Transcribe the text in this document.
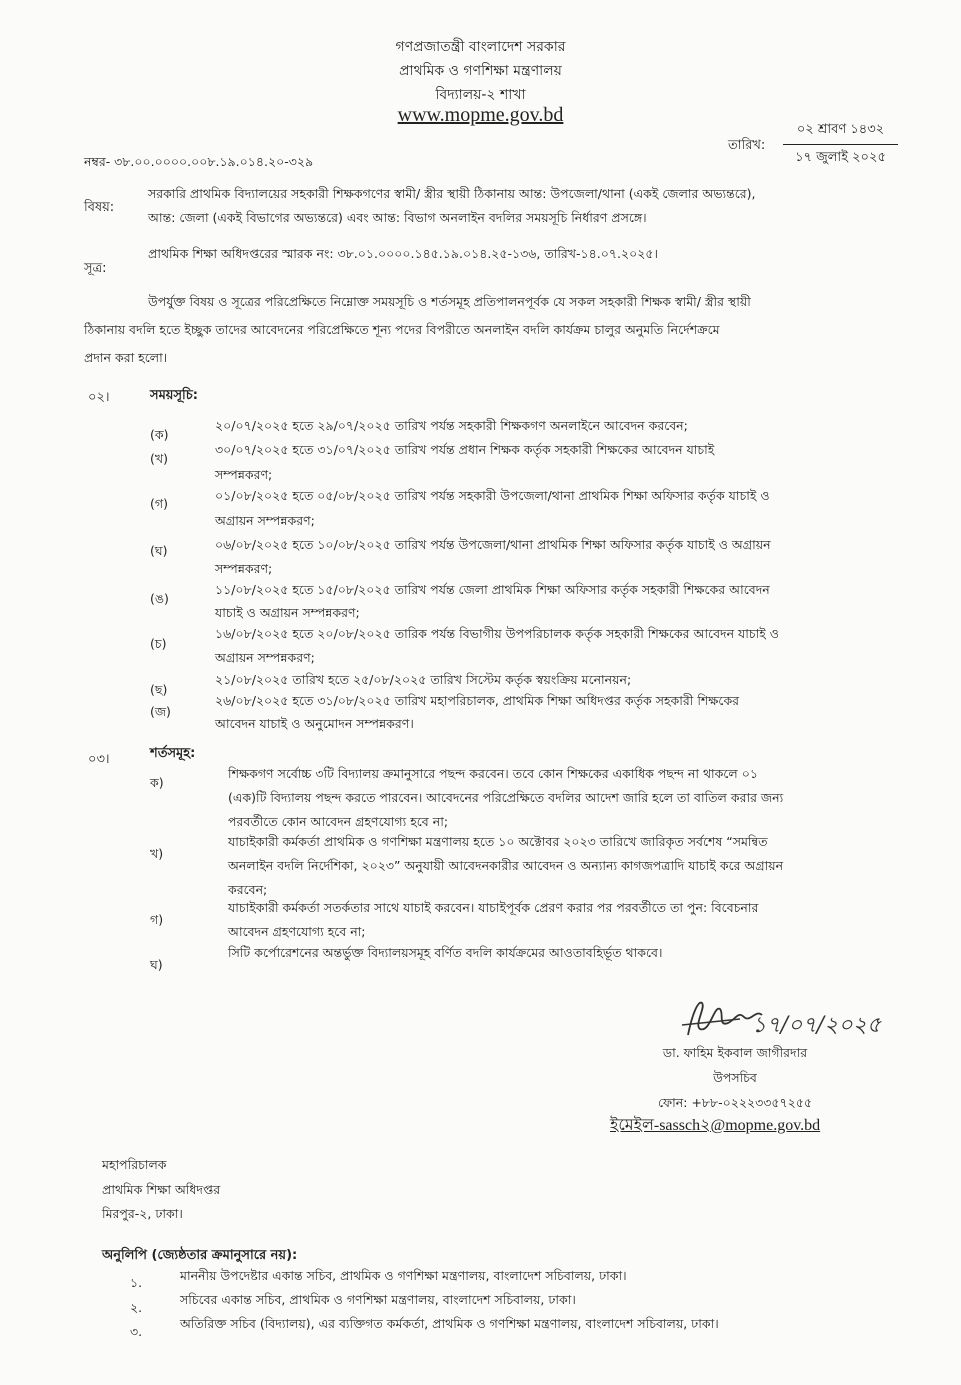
গণপ্রজাতন্ত্রী বাংলাদেশ সরকার
প্রাথমিক ও গণশিক্ষা মন্ত্রণালয়
বিদ্যালয়-২ শাখা
www.mopme.gov.bd
তারিখ:
০২ শ্রাবণ ১৪৩২
১৭ জুলাই ২০২৫
নম্বর- ৩৮.০০.০০০০.০০৮.১৯.০১৪.২০-৩২৯
বিষয়:
সরকারি প্রাথমিক বিদ্যালয়ের সহকারী শিক্ষকগণের স্বামী/ স্ত্রীর স্থায়ী ঠিকানায় আন্ত: উপজেলা/থানা (একই জেলার অভ্যন্তরে),
আন্ত: জেলা (একই বিভাগের অভ্যন্তরে) এবং আন্ত: বিভাগ অনলাইন বদলির সময়সূচি নির্ধারণ প্রসঙ্গে।
সূত্র:
প্রাথমিক শিক্ষা অধিদপ্তরের স্মারক নং: ৩৮.০১.০০০০.১৪৫.১৯.০১৪.২৫-১৩৬, তারিখ-১৪.০৭.২০২৫।
উপর্যুক্ত বিষয় ও সূত্রের পরিপ্রেক্ষিতে নিম্নোক্ত সময়সূচি ও শর্তসমূহ প্রতিপালনপূর্বক যে সকল সহকারী শিক্ষক স্বামী/ স্ত্রীর স্থায়ী
ঠিকানায় বদলি হতে ইচ্ছুক তাদের আবেদনের পরিপ্রেক্ষিতে শূন্য পদের বিপরীতে অনলাইন বদলি কার্যক্রম চালুর অনুমতি নির্দেশক্রমে
প্রদান করা হলো।
০২।	সময়সূচি:
(ক)
২০/০৭/২০২৫ হতে ২৯/০৭/২০২৫ তারিখ পর্যন্ত সহকারী শিক্ষকগণ অনলাইনে আবেদন করবেন;
(খ)
৩০/০৭/২০২৫ হতে ৩১/০৭/২০২৫ তারিখ পর্যন্ত প্রধান শিক্ষক কর্তৃক সহকারী শিক্ষকের আবেদন যাচাই
সম্পন্নকরণ;
(গ)
০১/০৮/২০২৫ হতে ০৫/০৮/২০২৫ তারিখ পর্যন্ত সহকারী উপজেলা/থানা প্রাথমিক শিক্ষা অফিসার কর্তৃক যাচাই ও
অগ্রায়ন সম্পন্নকরণ;
(ঘ)	০৬/০৮/২০২৫ হতে ১০/০৮/২০২৫ তারিখ পর্যন্ত উপজেলা/থানা প্রাথমিক শিক্ষা অফিসার কর্তৃক যাচাই ও অগ্রায়ন
সম্পন্নকরণ;
(ঙ)
১১/০৮/২০২৫ হতে ১৫/০৮/২০২৫ তারিখ পর্যন্ত জেলা প্রাথমিক শিক্ষা অফিসার কর্তৃক সহকারী শিক্ষকের আবেদন
যাচাই ও অগ্রায়ন সম্পন্নকরণ;
(চ)
১৬/০৮/২০২৫ হতে ২০/০৮/২০২৫ তারিক পর্যন্ত বিভাগীয় উপপরিচালক কর্তৃক সহকারী শিক্ষকের আবেদন যাচাই ও
অগ্রায়ন সম্পন্নকরণ;
(ছ)
২১/০৮/২০২৫ তারিখ হতে ২৫/০৮/২০২৫ তারিখ সিস্টেম কর্তৃক স্বয়ংক্রিয় মনোনয়ন;
(জ)
২৬/০৮/২০২৫ হতে ৩১/০৮/২০২৫ তারিখ মহাপরিচালক, প্রাথমিক শিক্ষা অধিদপ্তর কর্তৃক সহকারী শিক্ষকের
আবেদন যাচাই ও অনুমোদন সম্পন্নকরণ।
০৩।	শর্তসমূহ:
ক)
শিক্ষকগণ সর্বোচ্চ ৩টি বিদ্যালয় ক্রমানুসারে পছন্দ করবেন। তবে কোন শিক্ষকের একাধিক পছন্দ না থাকলে ০১
(এক)টি বিদ্যালয় পছন্দ করতে পারবেন। আবেদনের পরিপ্রেক্ষিতে বদলির আদেশ জারি হলে তা বাতিল করার জন্য
পরবর্তীতে কোন আবেদন গ্রহণযোগ্য হবে না;
খ)
যাচাইকারী কর্মকর্তা প্রাথমিক ও গণশিক্ষা মন্ত্রণালয় হতে ১০ অক্টোবর ২০২৩ তারিখে জারিকৃত সর্বশেষ “সমন্বিত
অনলাইন বদলি নির্দেশিকা, ২০২৩” অনুযায়ী আবেদনকারীর আবেদন ও অন্যান্য কাগজপত্রাদি যাচাই করে অগ্রায়ন
করবেন;
গ)
যাচাইকারী কর্মকর্তা সতর্কতার সাথে যাচাই করবেন। যাচাইপূর্বক প্রেরণ করার পর পরবর্তীতে তা পুন: বিবেচনার
আবেদন গ্রহণযোগ্য হবে না;
ঘ)
সিটি কর্পোরেশনের অন্তর্ভুক্ত বিদ্যালয়সমূহ বর্ণিত বদলি কার্যক্রমের আওতাবহির্ভূত থাকবে।
১৭/০৭/২০২৫
ডা. ফাহিম ইকবাল জাগীরদার
উপসচিব
ফোন: +৮৮-০২২২৩৩৫৭২৫৫
ইমেইল-sassch২@mopme.gov.bd
মহাপরিচালক
প্রাথমিক শিক্ষা অধিদপ্তর
মিরপুর-২, ঢাকা।
অনুলিপি (জ্যেষ্ঠতার ক্রমানুসারে নয়):
১.	মাননীয় উপদেষ্টার একান্ত সচিব, প্রাথমিক ও গণশিক্ষা মন্ত্রণালয়, বাংলাদেশ সচিবালয়, ঢাকা।
২.
সচিবের একান্ত সচিব, প্রাথমিক ও গণশিক্ষা মন্ত্রণালয়, বাংলাদেশ সচিবালয়, ঢাকা।
৩.
অতিরিক্ত সচিব (বিদ্যালয়), এর ব্যক্তিগত কর্মকর্তা, প্রাথমিক ও গণশিক্ষা মন্ত্রণালয়, বাংলাদেশ সচিবালয়, ঢাকা।
